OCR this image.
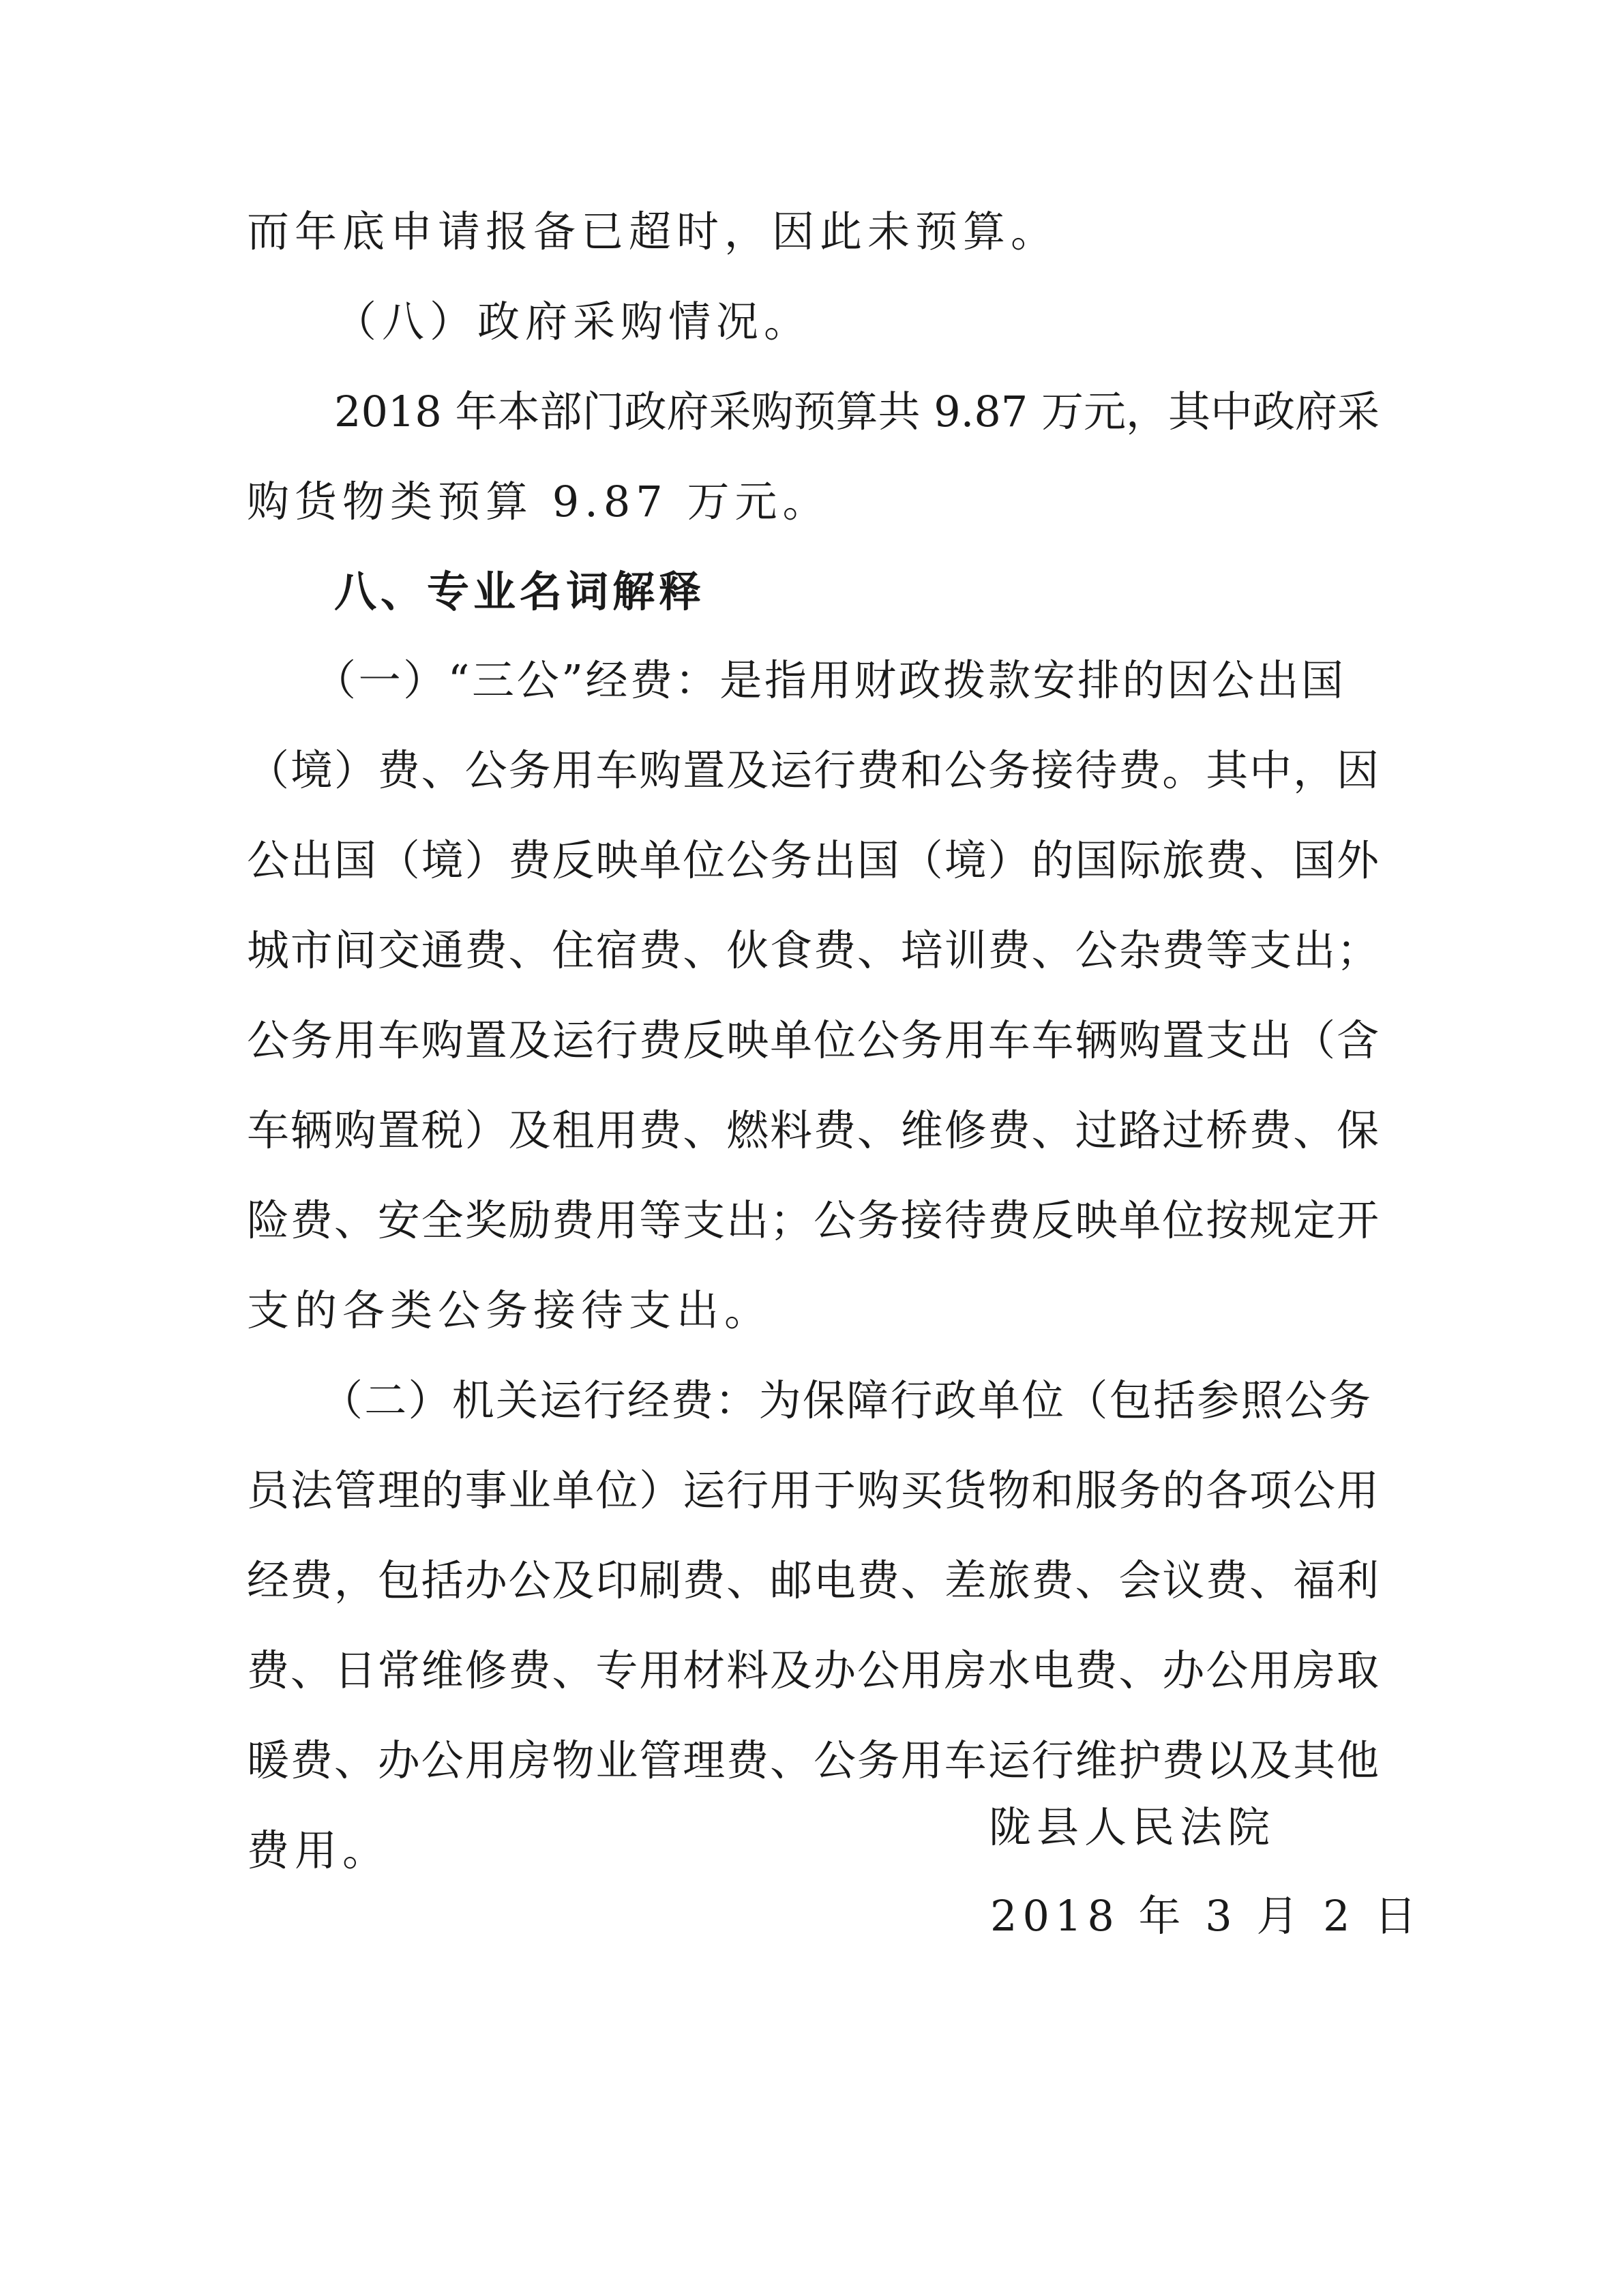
而年底申请报备已超时，因此未预算。
（八）政府采购情况。
2018 年本部门政府采购预算共 9.87 万元，其中政府采
购货物类预算 9.87 万元。
八、专业名词解释
（一）“三公”经费：是指用财政拨款安排的因公出国
（境）费、公务用车购置及运行费和公务接待费。其中，因
公出国（境）费反映单位公务出国（境）的国际旅费、国外
城市间交通费、住宿费、伙食费、培训费、公杂费等支出；
公务用车购置及运行费反映单位公务用车车辆购置支出（含
车辆购置税）及租用费、燃料费、维修费、过路过桥费、保
险费、安全奖励费用等支出；公务接待费反映单位按规定开
支的各类公务接待支出。
（二）机关运行经费：为保障行政单位（包括参照公务
员法管理的事业单位）运行用于购买货物和服务的各项公用
经费，包括办公及印刷费、邮电费、差旅费、会议费、福利
费、日常维修费、专用材料及办公用房水电费、办公用房取
暖费、办公用房物业管理费、公务用车运行维护费以及其他
费用。	陇县人民法院
2018 年 3 月 2 日
